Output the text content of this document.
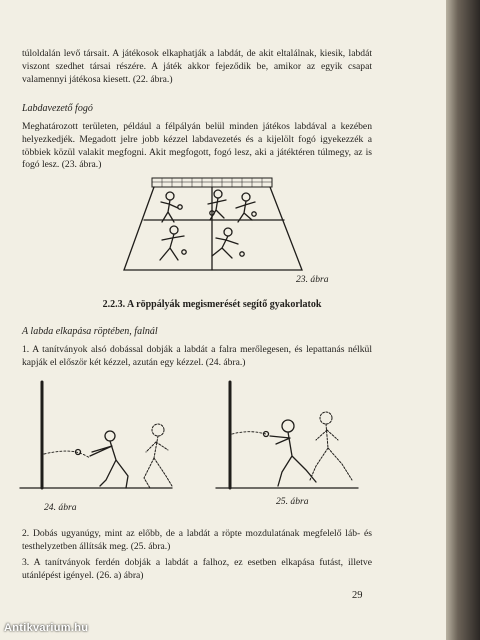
túloldalán levő társait. A játékosok elkaphatják a labdát, de akit eltalálnak, kiesik, labdát viszont szedhet társai részére. A játék akkor fejeződik be, amikor az egyik csapat valamennyi játékosa kiesett. (22. ábra.)

Labdavezető fogó

Meghatározott területen, például a félpályán belül minden játékos labdával a kezében helyezkedjék. Megadott jelre jobb kézzel labdavezetés és a kijelölt fogó igyekezzék a többiek közül valakit megfogni. Akit megfogott, fogó lesz, aki a játéktéren túlmegy, az is fogó lesz. (23. ábra.)

23. ábra

2.2.3. A röppályák megismerését segítő gyakorlatok

A labda elkapása röptében, falnál

1. A tanítványok alsó dobással dobják a labdát a falra merőlegesen, és lepattanás nélkül kapják el először két kézzel, azután egy kézzel. (24. ábra.)

24. ábra

25. ábra

2. Dobás ugyanúgy, mint az előbb, de a labdát a röpte mozdulatának megfelelő láb- és testhelyzetben állítsák meg. (25. ábra.)

3. A tanítványok ferdén dobják a labdát a falhoz, ez esetben elkapása futást, illetve utánlépést igényel. (26. a) ábra)

29

Antikvarium.hu
